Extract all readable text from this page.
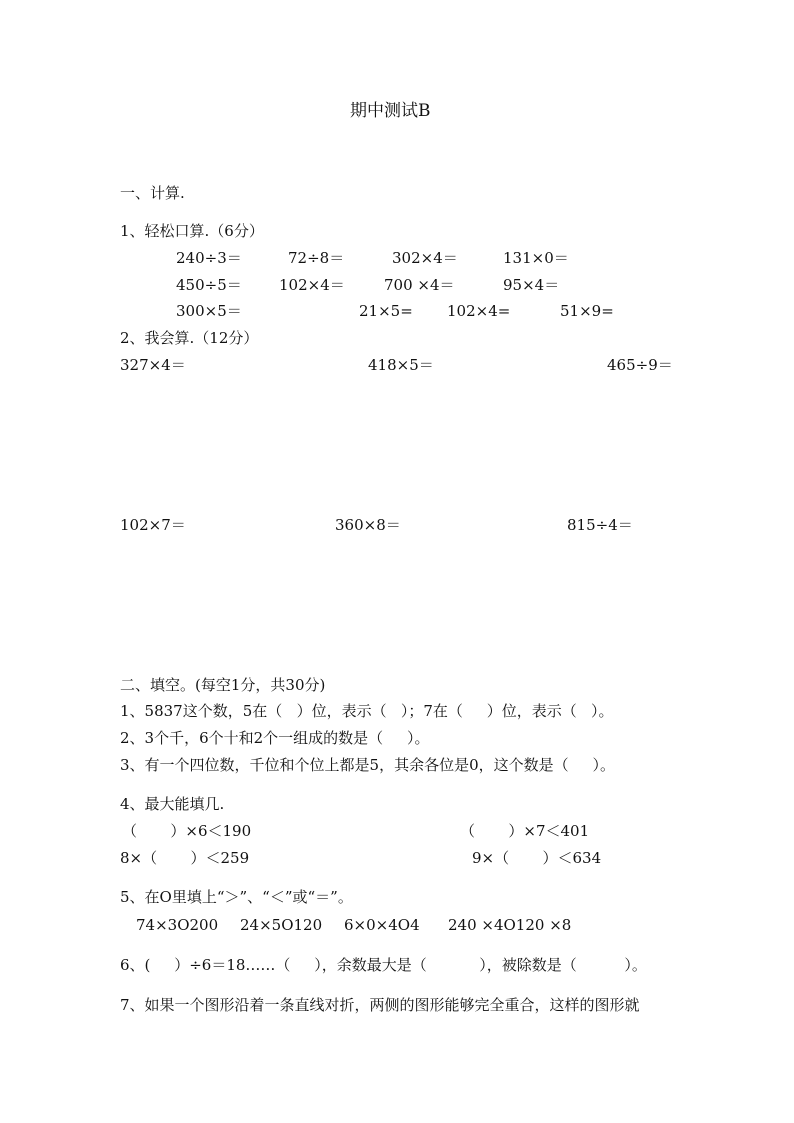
期中测试B
一、计算.
1、轻松口算.（6分）
240÷3＝	72÷8＝	302×4＝	131×0＝
450÷5＝ 102×4＝	700 ×4＝	95×4＝
300×5＝	21×5= 102×4=	51×9=
2、我会算.（12分）
327×4＝	418×5＝	465÷9＝
102×7＝	360×8＝	815÷4＝
二、填空。(每空1分，共30分)
1、5837这个数，5在（   ）位，表示（   ）；7在（     ）位，表示（   ）。
2、3个千，6个十和2个一组成的数是（     ）。
3、有一个四位数，千位和个位上都是5，其余各位是0，这个数是（     ）。
4、最大能填几.
（       ）×6＜190	（       ）×7＜401
8×（       ）＜259	9×（       ）＜634
5、在O里填上“＞”、“＜”或“＝”。
74×3O200 24×5O120 6×0×4O4 240 ×4O120 ×8
6、(     ）÷6＝18……（     ），余数最大是（           ），被除数是（          ）。
7、如果一个图形沿着一条直线对折，两侧的图形能够完全重合，这样的图形就
